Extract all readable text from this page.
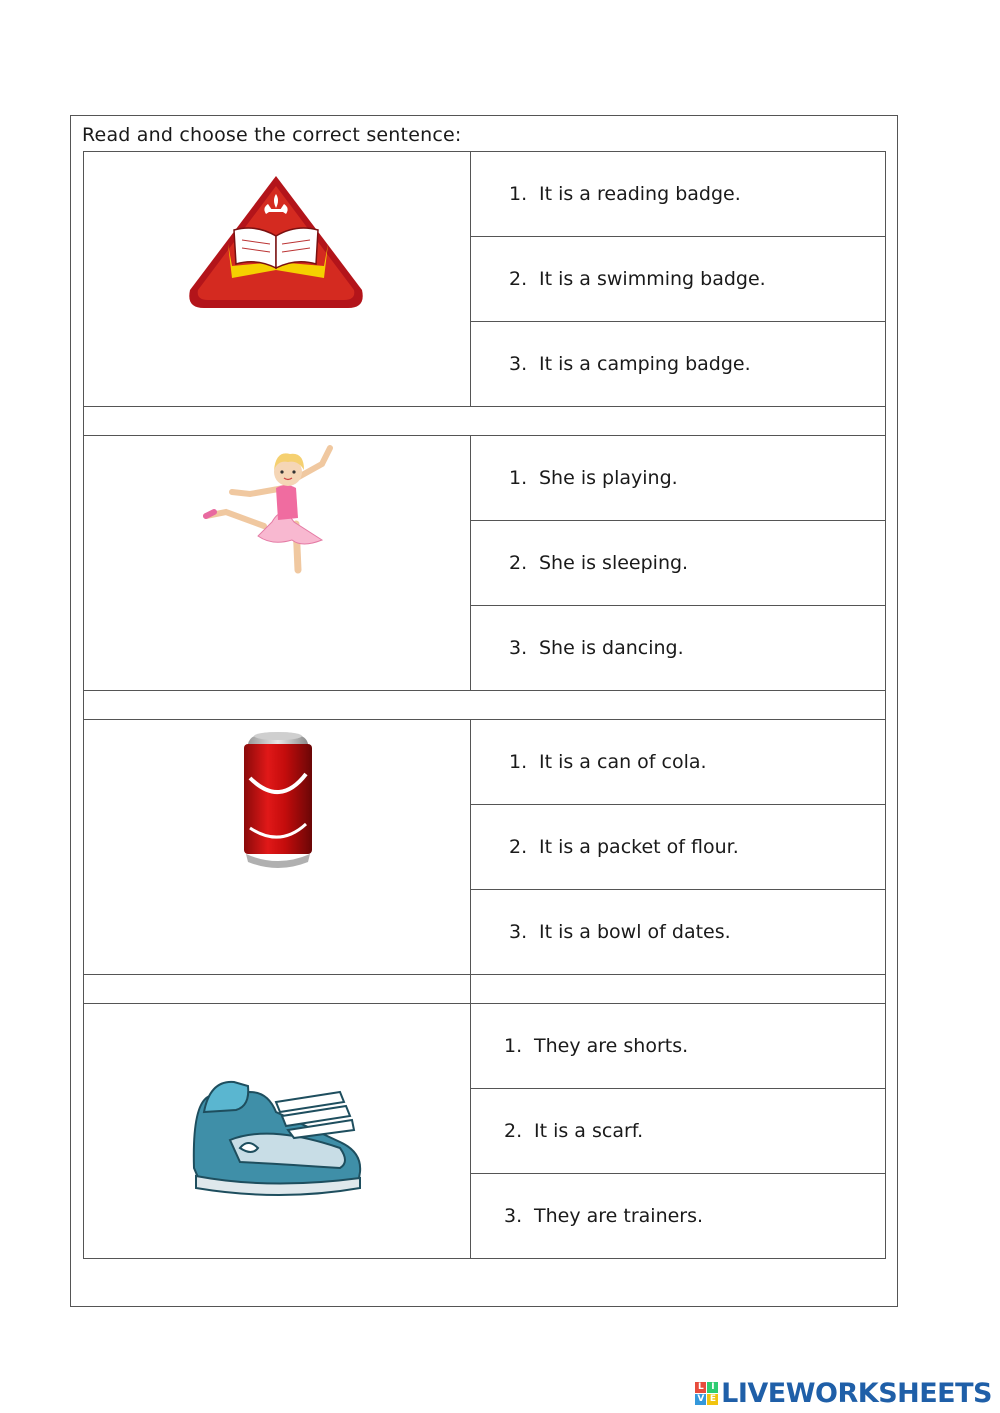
Read and choose the correct sentence:

1. It is a reading badge.

	2. It is a swimming badge.

	3. It is a camping badge.

1. She is playing.

	2. She is sleeping.

	3. She is dancing.

1. It is a can of cola.

	2. It is a packet of flour.

	3. It is a bowl of dates.

1. They are shorts.

	2. It is a scarf.

	3. They are trainers.
L I
V E LIVEWORKSHEETS
